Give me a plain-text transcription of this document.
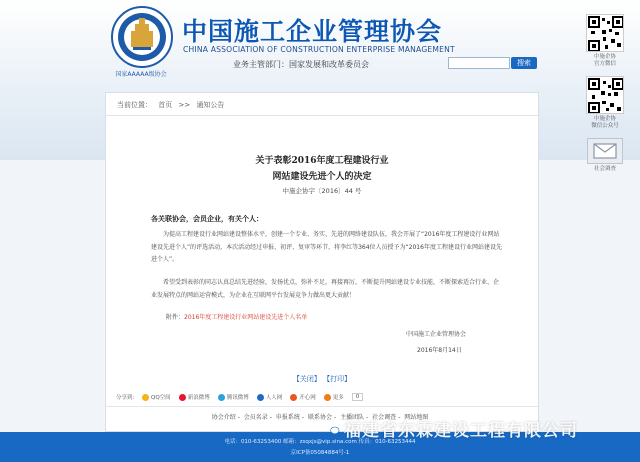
国家AAAAA级协会
中国施工企业管理协会
CHINA ASSOCIATION OF CONSTRUCTION ENTERPRISE MANAGEMENT
业务主管部门：国家发展和改革委员会	搜索
中施企协
官方微信
中施企协
微信公众号
社会调查
当前位置： 首页 >> 通知公告
关于表彰2016年度工程建设行业
网站建设先进个人的决定
中施企协字〔2016〕44 号
各关联协会，会员企业，有关个人：
为提高工程建设行业网站建设整体水平，创建一个专业、务实、先进的网络建设队伍，我会开展了“2016年度工程建设行业网站建设先进个人”的评选活动，本次活动经过申报、初评、复审等环节，将李红等364位人员授予为“2016年度工程建设行业网站建设先进个人”。
希望受到表彰的同志认真总结先进经验，发扬优点，弥补不足，再接再厉，不断提升网站建设专业技能，不断探索适合行业、企业发展特点的网站运营模式，为企业在互联网平台发展竞争力做出更大贡献！
附件：2016年度工程建设行业网站建设先进个人名单
中国施工企业管理协会
2016年8月14日
【关闭】 【打印】
分享到： QQ空间	新浪微博	腾讯微博	人人网	开心网	更多	0
协会介绍 - 会员名录 - 申报系统 - 联系协会 - 主播团队 - 社会调查 - 网站地图
电话：010-63253400 邮箱：zsqxjs@vip.sina.com 传真：010-63253444
京ICP备05084884号-1
福建省东霖建设工程有限公司
